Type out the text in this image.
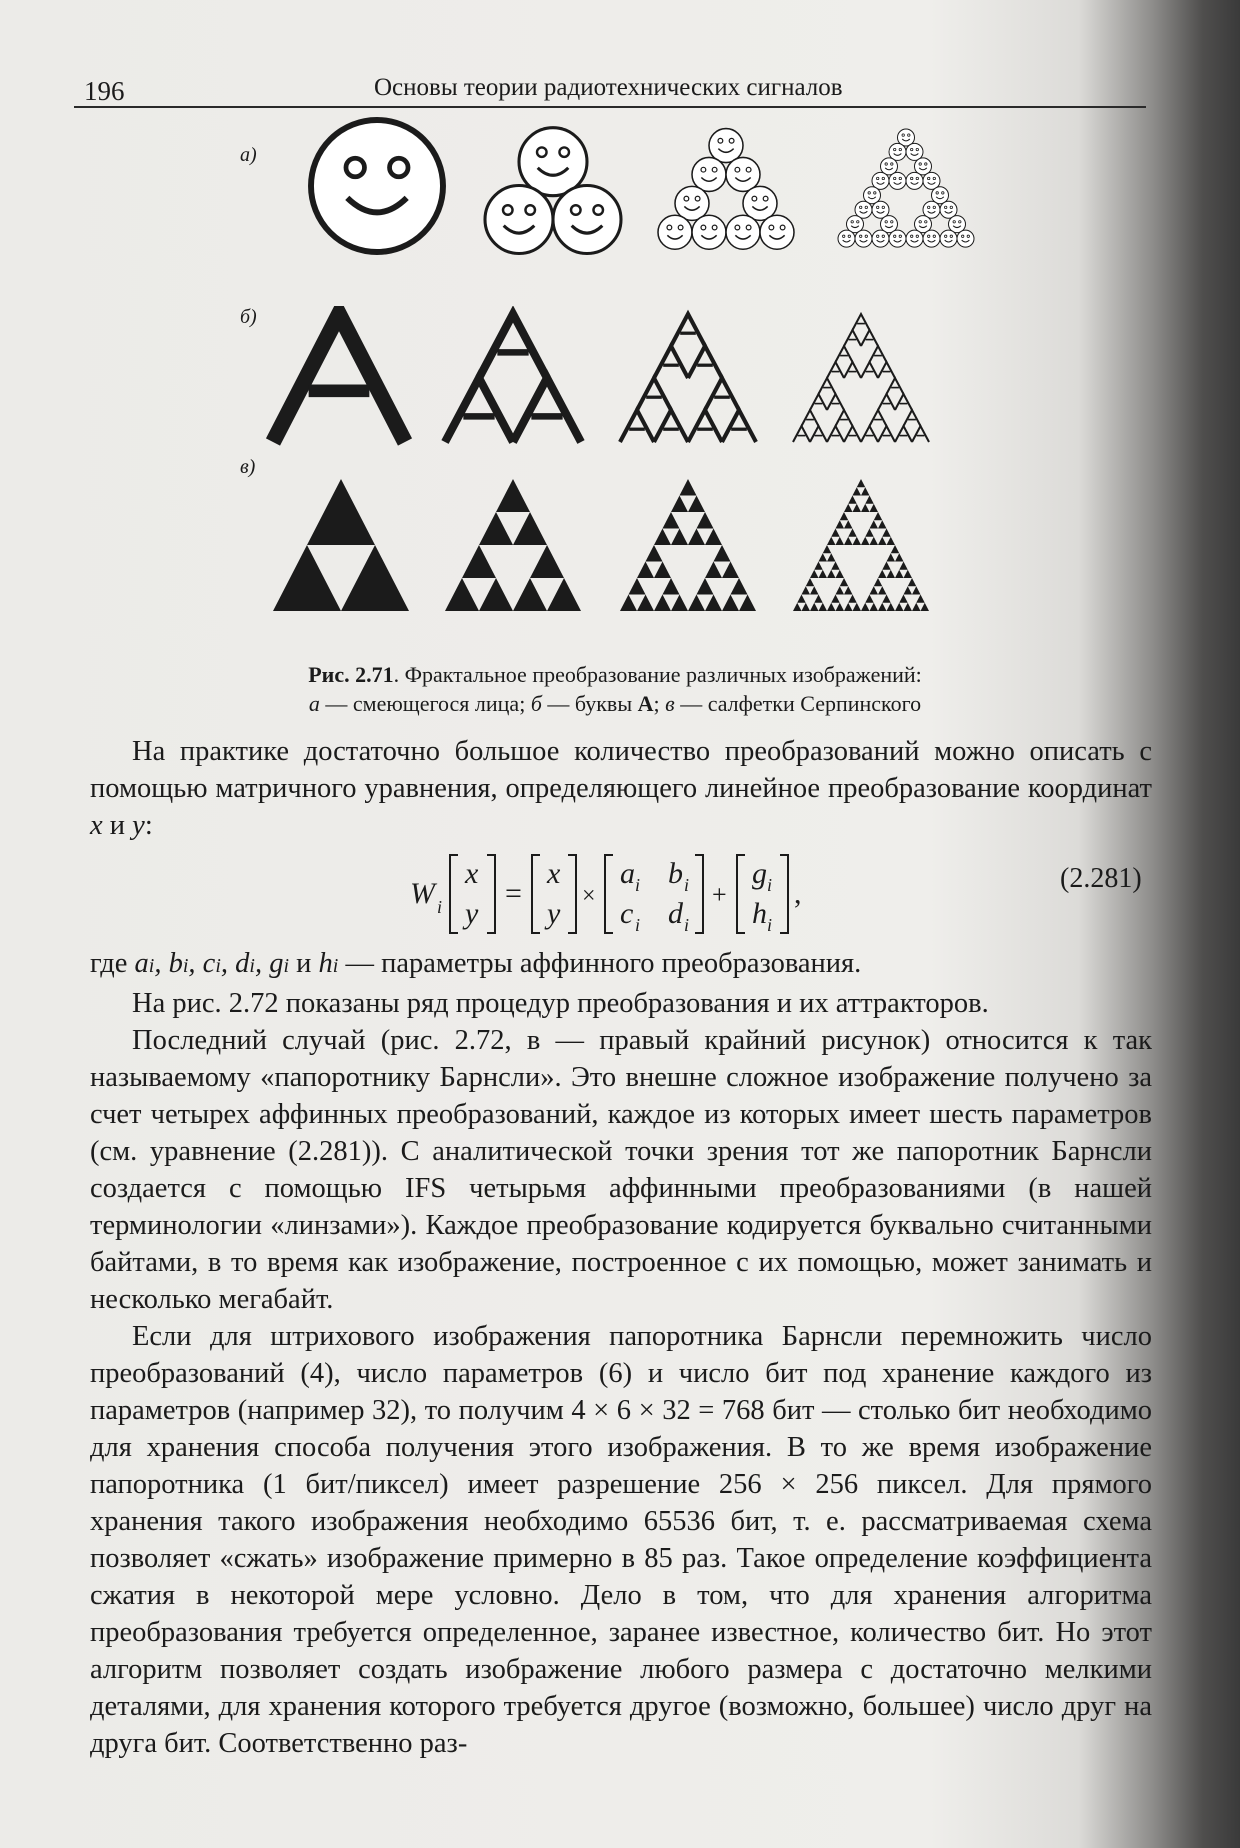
196	Основы теории радиотехнических сигналов
а)
б)
в)
Рис. 2.71. Фрактальное преобразование различных изображений:
а — смеющегося лица; б — буквы А; в — салфетки Серпинского

На практике достаточно большое количество преобразований можно описать с помощью матричного уравнения, определяющего линейное преобразование координат x и y:

W i
x
y
=
x
y
×
a i b i
c i d i
+
g i
h i
,	(2.281)

где ai, bi, ci, di, gi и hi — параметры аффинного преобразования.

На рис. 2.72 показаны ряд процедур преобразования и их аттракторов.

Последний случай (рис. 2.72, в — правый крайний рисунок) относится к так называемому «папоротнику Барнсли». Это внешне сложное изображение получено за счет четырех аффинных преобразований, каждое из которых имеет шесть параметров (см. уравнение (2.281)). С аналитической точки зрения тот же папоротник Барнсли создается с помощью IFS четырьмя аффинными преобразованиями (в нашей терминологии «линзами»). Каждое преобразование кодируется буквально считанными байтами, в то время как изображение, построенное с их помощью, может занимать и несколько мегабайт.

Если для штрихового изображения папоротника Барнсли перемножить число преобразований (4), число параметров (6) и число бит под хранение каждого из параметров (например 32), то получим 4 × 6 × 32 = 768 бит — столько бит необходимо для хранения способа получения этого изображения. В то же время изображение папоротника (1 бит/пиксел) имеет разрешение 256 × 256 пиксел. Для прямого хранения такого изображения необходимо 65536 бит, т. е. рассматриваемая схема позволяет «сжать» изображение примерно в 85 раз. Такое определение коэффициента сжатия в некоторой мере условно. Дело в том, что для хранения алгоритма преобразования требуется определенное, заранее известное, количество бит. Но этот алгоритм позволяет создать изображение любого размера с достаточно мелкими деталями, для хранения которого требуется другое (возможно, большее) число друг на друга бит. Соответственно раз-
